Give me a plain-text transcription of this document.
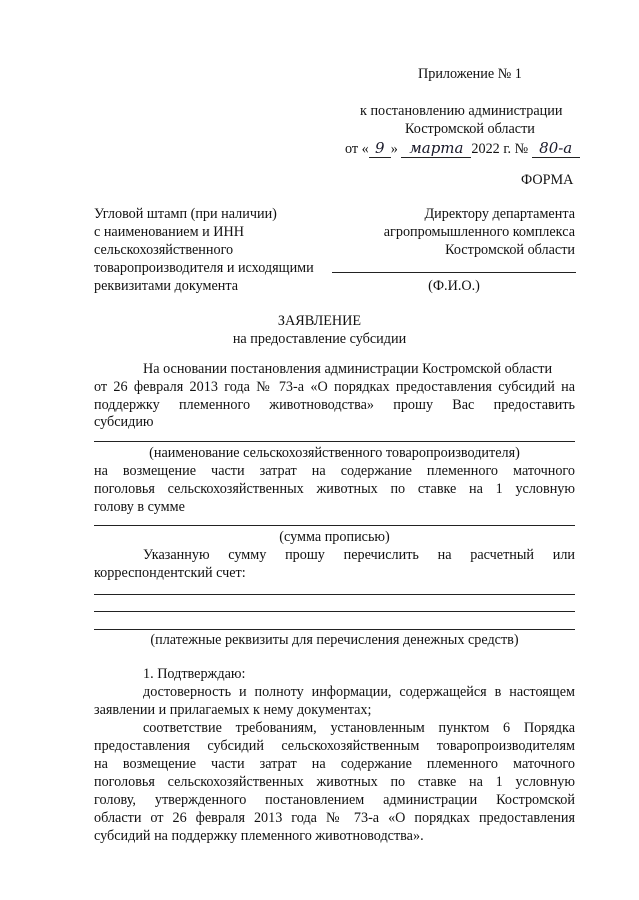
Приложение № 1
к постановлению администрации
Костромской области
от « 9 » марта 2022 г. № 80-а
ФОРМА
Угловой штамп (при наличии)
с наименованием и ИНН
сельскохозяйственного
товаропроизводителя и исходящими
реквизитами документа
Директору департамента
агропромышленного комплекса
Костромской области
(Ф.И.О.)
ЗАЯВЛЕНИЕ
на предоставление субсидии
На основании постановления администрации Костромской области
от 26 февраля 2013 года № 73-а «О порядках предоставления субсидий на
поддержку племенного животноводства» прошу Вас предоставить
субсидию
(наименование сельскохозяйственного товаропроизводителя)
на возмещение части затрат на содержание племенного маточного
поголовья сельскохозяйственных животных по ставке на 1 условную
голову в сумме
(сумма прописью)
Указанную сумму прошу перечислить на расчетный или
корреспондентский счет:
(платежные реквизиты для перечисления денежных средств)
1. Подтверждаю:
достоверность и полноту информации, содержащейся в настоящем
заявлении и прилагаемых к нему документах;
соответствие требованиям, установленным пунктом 6 Порядка
предоставления субсидий сельскохозяйственным товаропроизводителям
на возмещение части затрат на содержание племенного маточного
поголовья сельскохозяйственных животных по ставке на 1 условную
голову, утвержденного постановлением администрации Костромской
области от 26 февраля 2013 года № 73-а «О порядках предоставления
субсидий на поддержку племенного животноводства».
